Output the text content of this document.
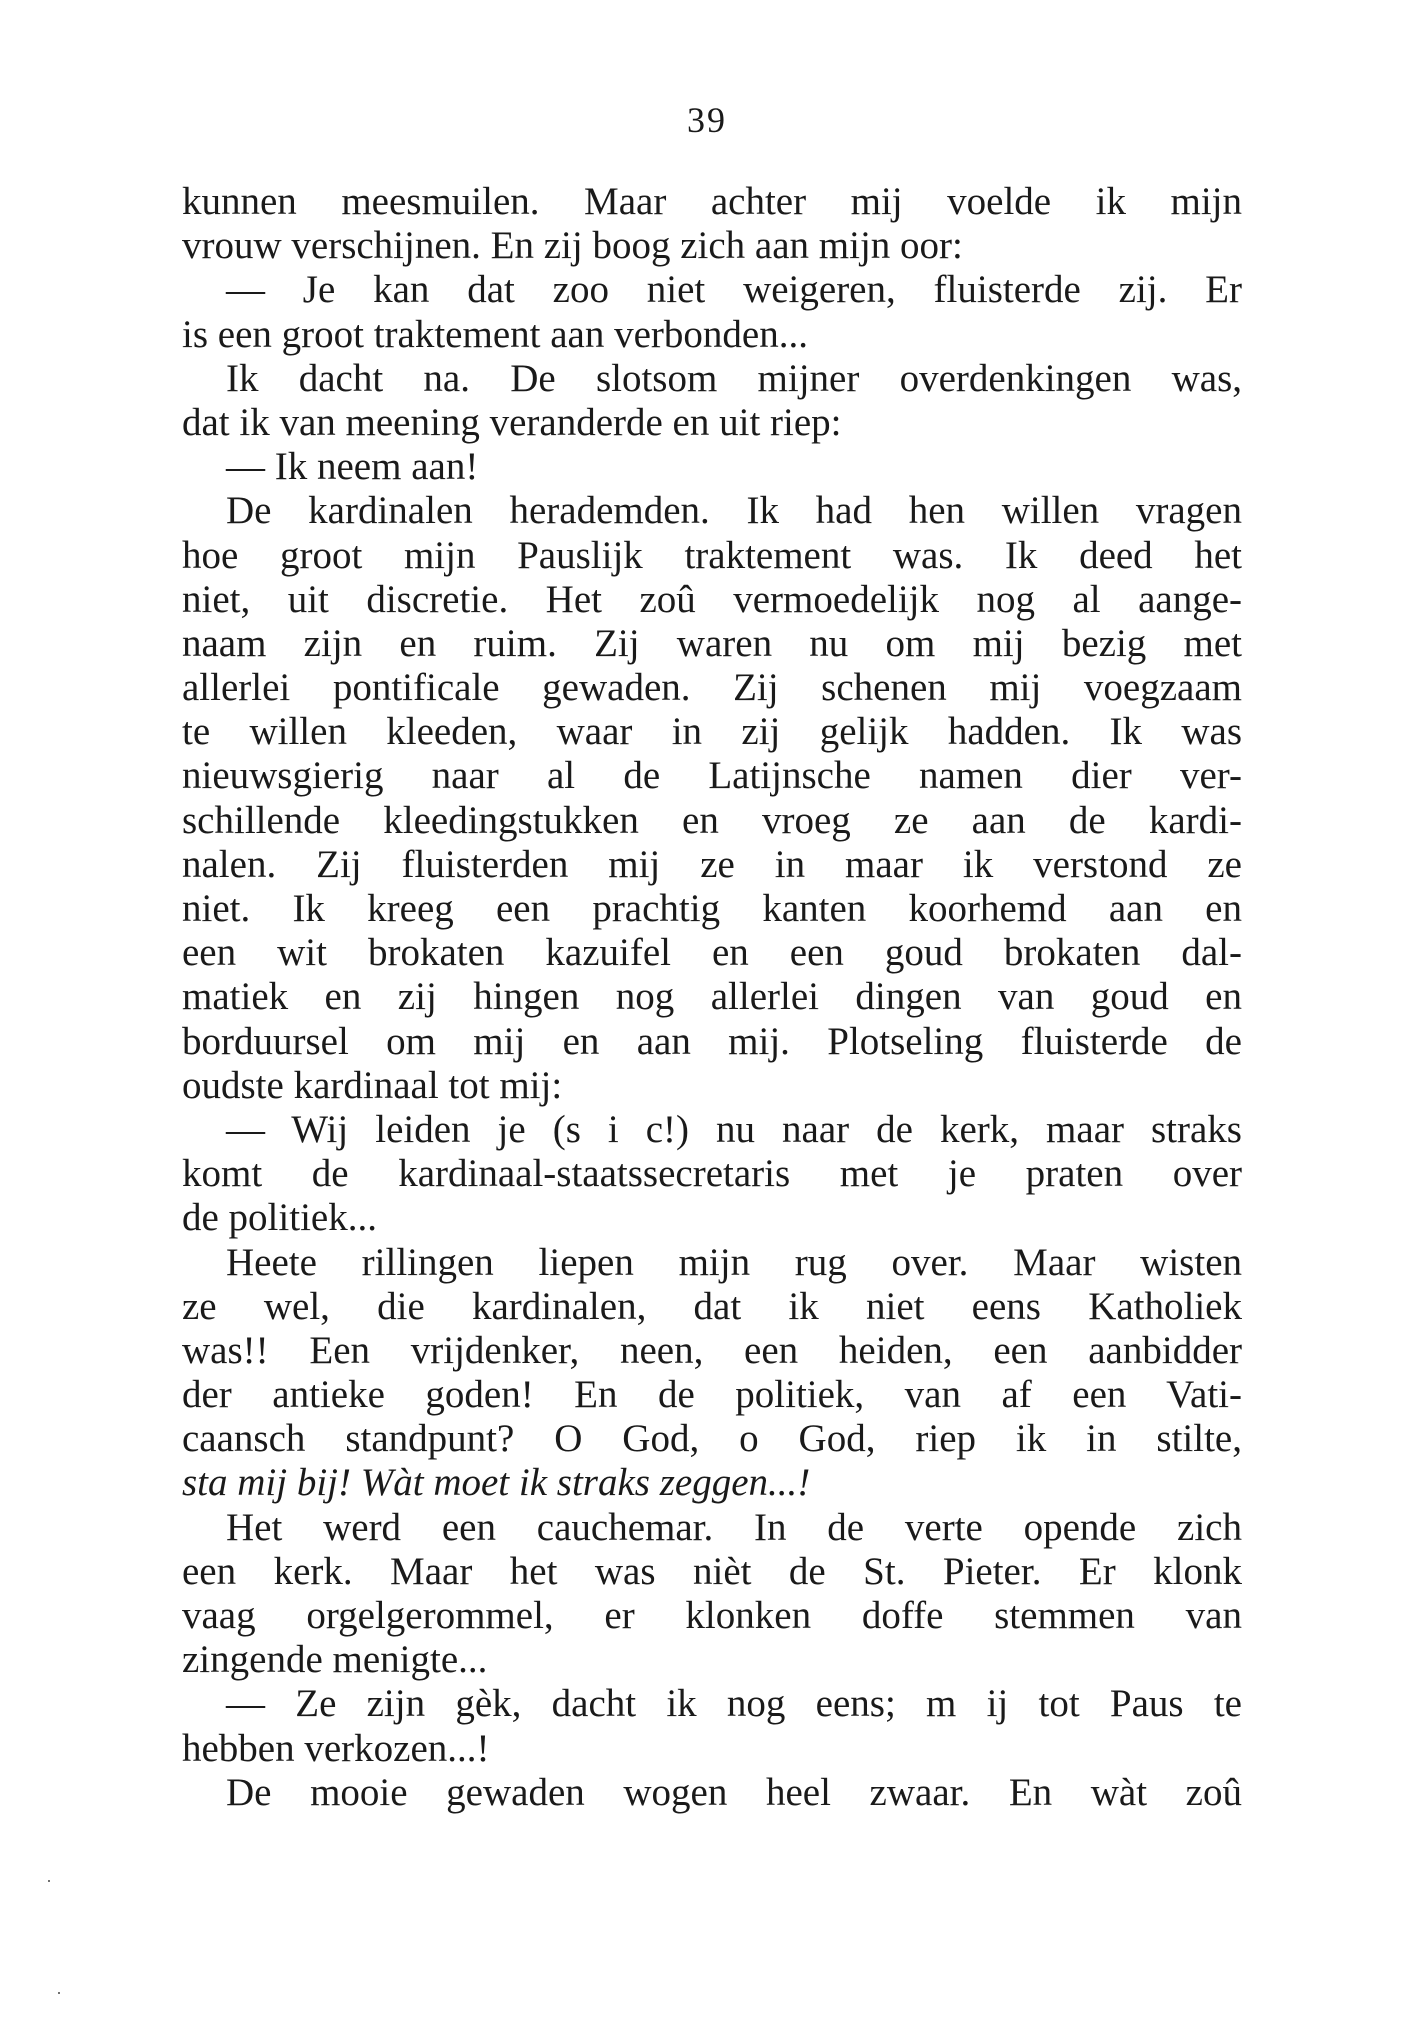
39
kunnen meesmuilen. Maar achter mij voelde ik mijn
vrouw verschijnen. En zij boog zich aan mijn oor:
— Je kan dat zoo niet weigeren, fluisterde zij. Er
is een groot traktement aan verbonden...
Ik dacht na. De slotsom mijner overdenkingen was,
dat ik van meening veranderde en uit riep:
— Ik neem aan!
De kardinalen herademden. Ik had hen willen vragen
hoe groot mijn Pauslijk traktement was. Ik deed het
niet, uit discretie. Het zoû vermoedelijk nog al aange-
naam zijn en ruim. Zij waren nu om mij bezig met
allerlei pontificale gewaden. Zij schenen mij voegzaam
te willen kleeden, waar in zij gelijk hadden. Ik was
nieuwsgierig naar al de Latijnsche namen dier ver-
schillende kleedingstukken en vroeg ze aan de kardi-
nalen. Zij fluisterden mij ze in maar ik verstond ze
niet. Ik kreeg een prachtig kanten koorhemd aan en
een wit brokaten kazuifel en een goud brokaten dal-
matiek en zij hingen nog allerlei dingen van goud en
borduursel om mij en aan mij. Plotseling fluisterde de
oudste kardinaal tot mij:
— Wij leiden je (s i c!) nu naar de kerk, maar straks
komt de kardinaal-staatssecretaris met je praten over
de politiek...
Heete rillingen liepen mijn rug over. Maar wisten
ze wel, die kardinalen, dat ik niet eens Katholiek
was!! Een vrijdenker, neen, een heiden, een aanbidder
der antieke goden! En de politiek, van af een Vati-
caansch standpunt? O God, o God, riep ik in stilte,
sta mij bij! Wàt moet ik straks zeggen...!
Het werd een cauchemar. In de verte opende zich
een kerk. Maar het was nièt de St. Pieter. Er klonk
vaag orgelgerommel, er klonken doffe stemmen van
zingende menigte...
— Ze zijn gèk, dacht ik nog eens; m ij tot Paus te
hebben verkozen...!
De mooie gewaden wogen heel zwaar. En wàt zoû
